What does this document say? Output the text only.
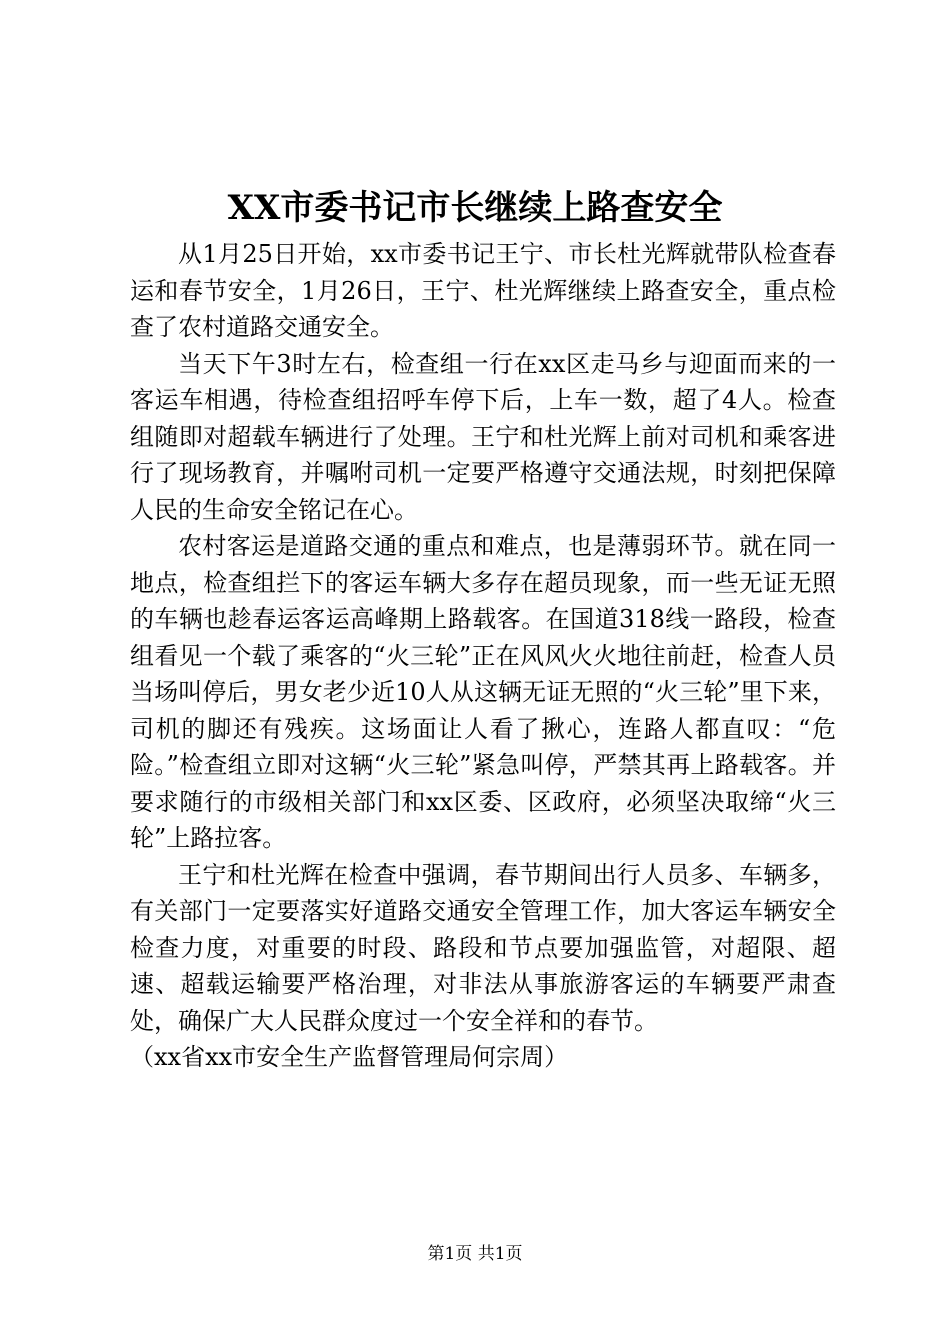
XX市委书记市长继续上路查安全

从1月25日开始，xx市委书记王宁、市长杜光辉就带队检查春运和春节安全，1月26日，王宁、杜光辉继续上路查安全，重点检查了农村道路交通安全。

当天下午3时左右，检查组一行在xx区走马乡与迎面而来的一客运车相遇，待检查组招呼车停下后，上车一数，超了4人。检查组随即对超载车辆进行了处理。王宁和杜光辉上前对司机和乘客进行了现场教育，并嘱咐司机一定要严格遵守交通法规，时刻把保障人民的生命安全铭记在心。

农村客运是道路交通的重点和难点，也是薄弱环节。就在同一地点，检查组拦下的客运车辆大多存在超员现象，而一些无证无照的车辆也趁春运客运高峰期上路载客。在国道318线一路段，检查组看见一个载了乘客的“火三轮”正在风风火火地往前赶，检查人员当场叫停后，男女老少近10人从这辆无证无照的“火三轮”里下来，司机的脚还有残疾。这场面让人看了揪心，连路人都直叹：“危险。”检查组立即对这辆“火三轮”紧急叫停，严禁其再上路载客。并要求随行的市级相关部门和xx区委、区政府，必须坚决取缔“火三轮”上路拉客。

王宁和杜光辉在检查中强调，春节期间出行人员多、车辆多，有关部门一定要落实好道路交通安全管理工作，加大客运车辆安全检查力度，对重要的时段、路段和节点要加强监管，对超限、超速、超载运输要严格治理，对非法从事旅游客运的车辆要严肃查处，确保广大人民群众度过一个安全祥和的春节。

（xx省xx市安全生产监督管理局何宗周）

第1页 共1页
